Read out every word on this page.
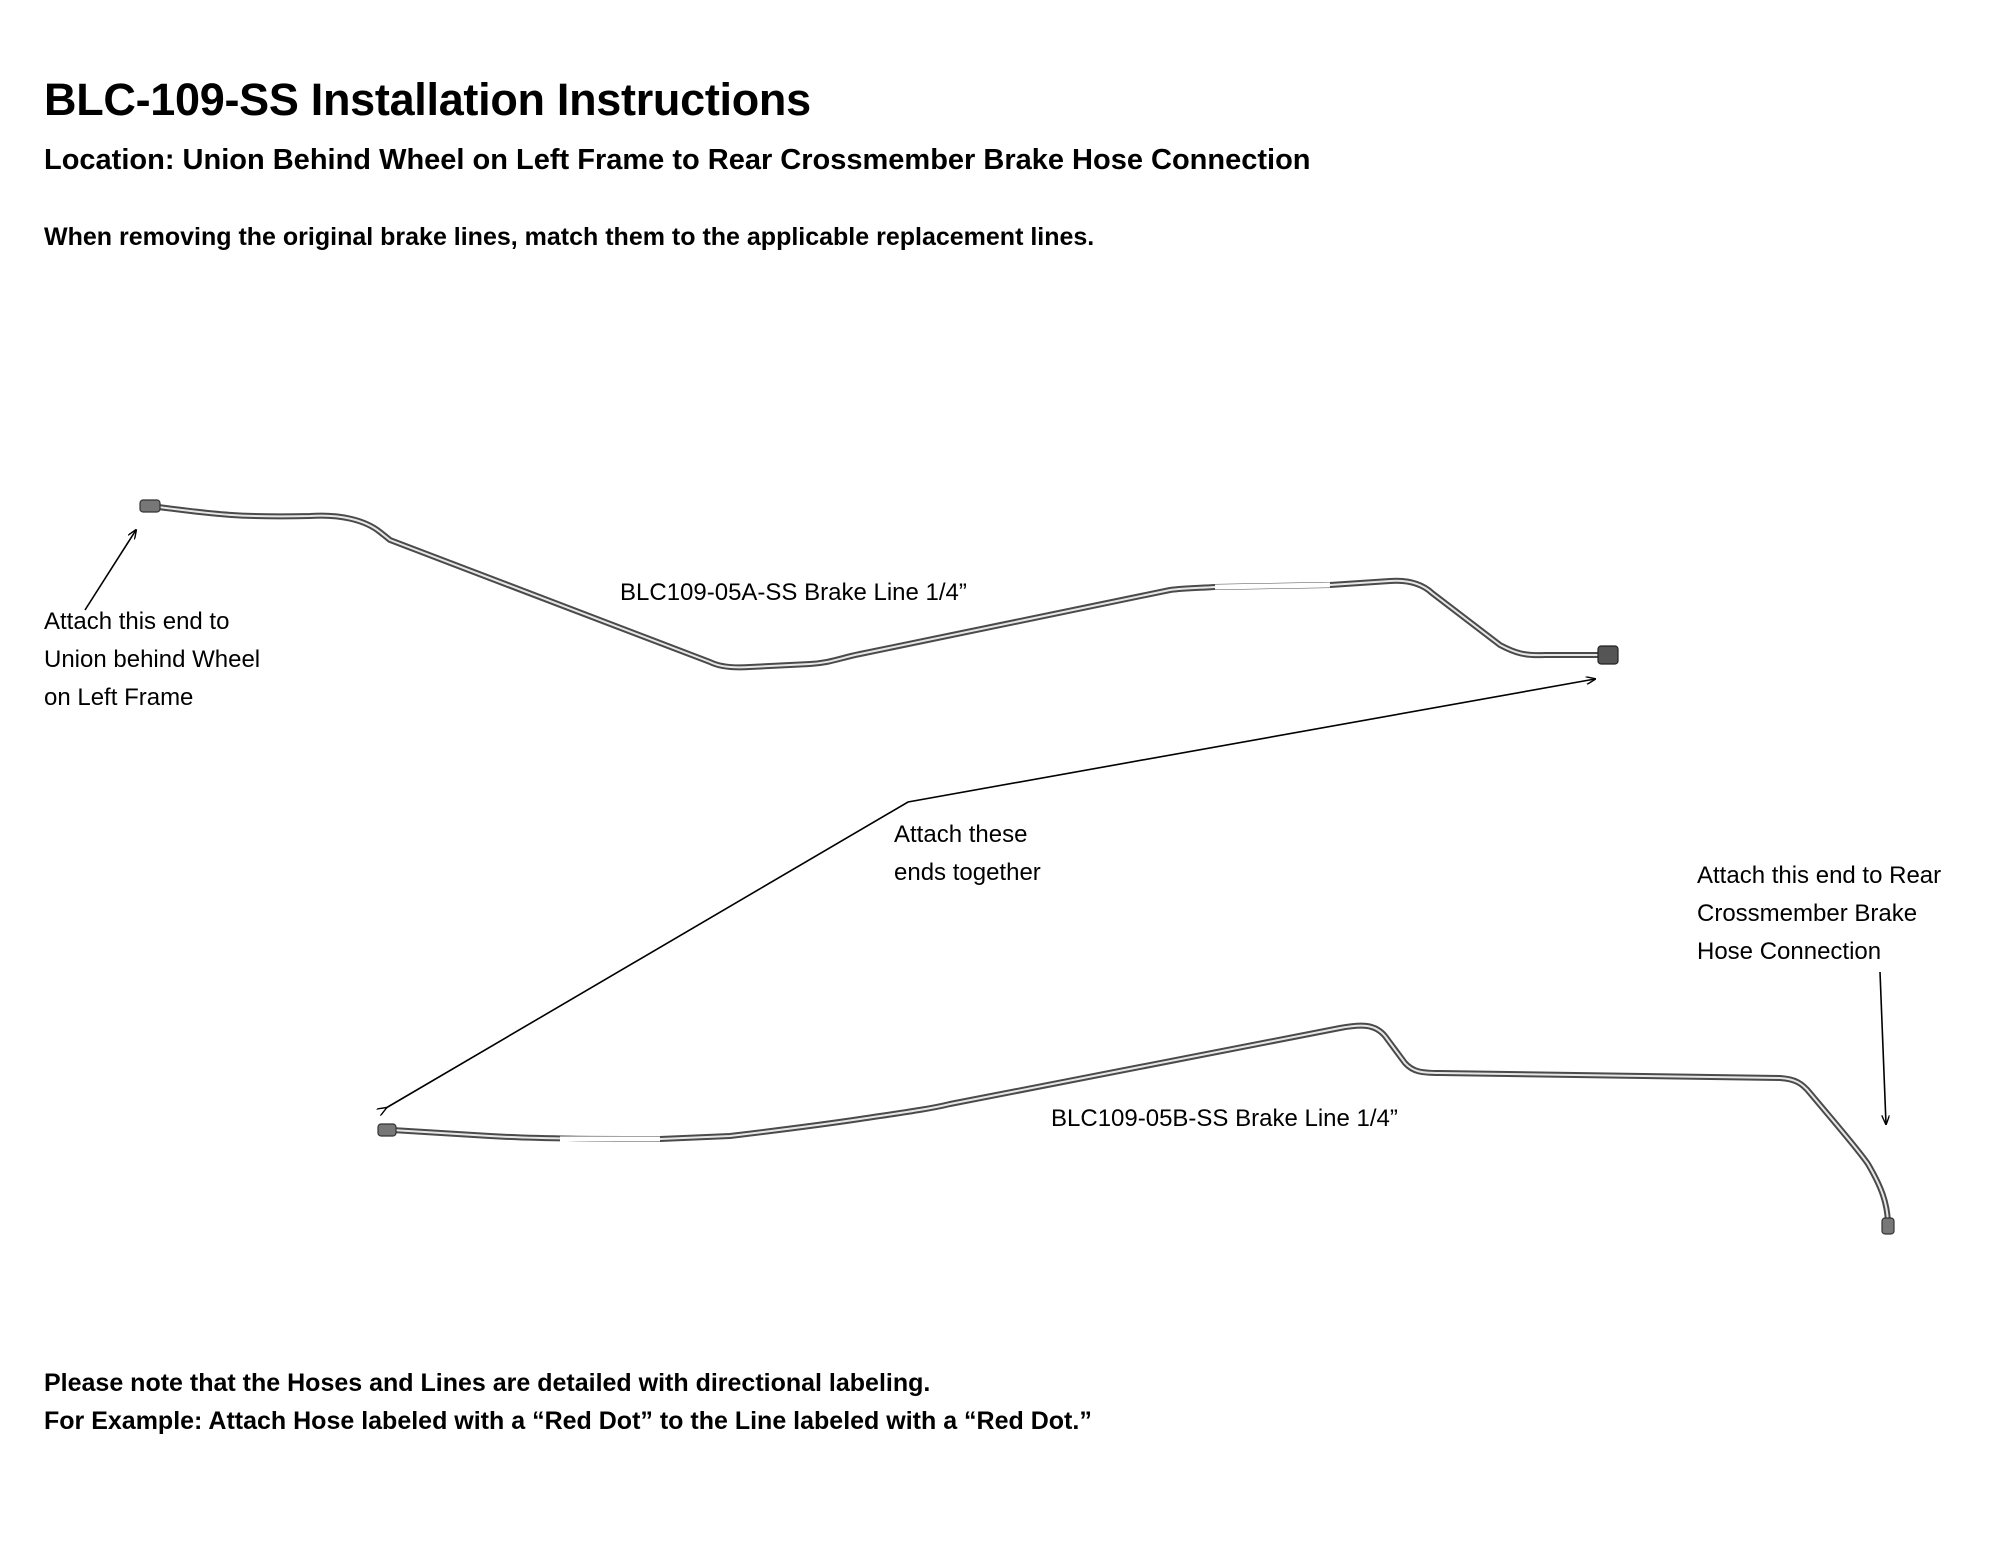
BLC-109-SS Installation Instructions
Location: Union Behind Wheel on Left Frame to Rear Crossmember Brake Hose Connection
When removing the original brake lines, match them to the applicable replacement lines.
BLC109-05A-SS Brake Line 1/4”
BLC109-05B-SS Brake Line 1/4”
Attach this end to
Union behind Wheel
on Left Frame
Attach these
ends together	Attach this end to Rear
Crossmember Brake
Hose Connection
Please note that the Hoses and Lines are detailed with directional labeling.
For Example: Attach Hose labeled with a “Red Dot” to the Line labeled with a “Red Dot.”
